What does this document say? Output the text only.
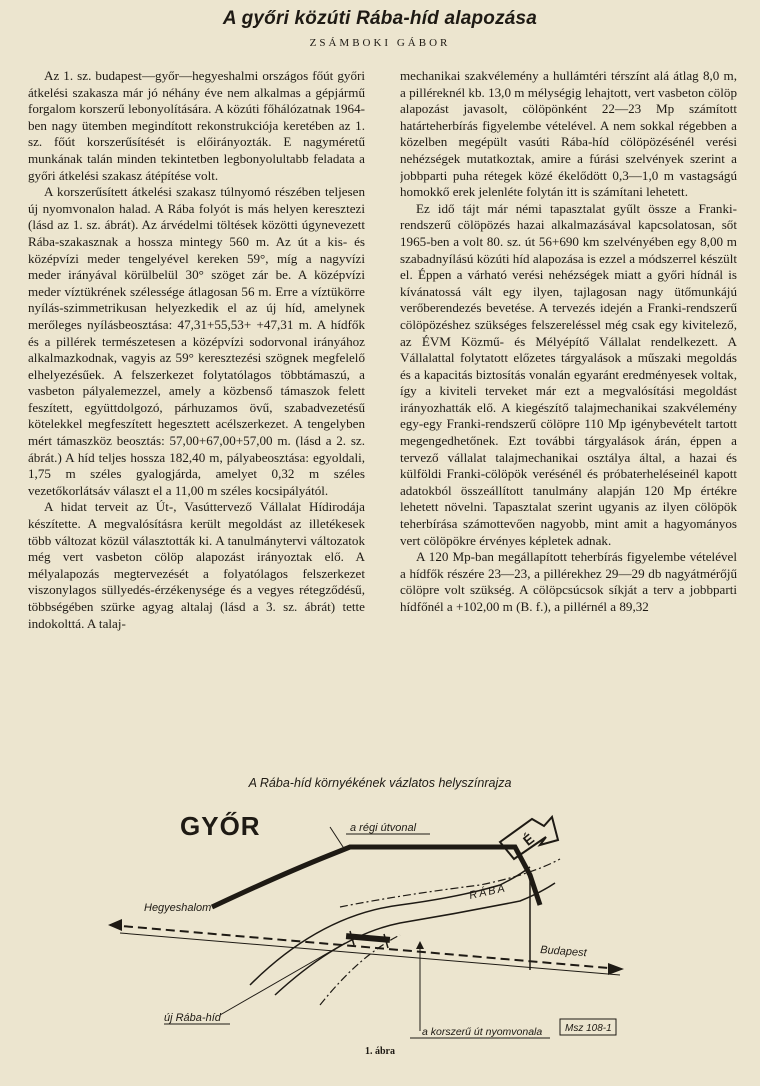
A győri közúti Rába-híd alapozása
ZSÁMBOKI GÁBOR

Az 1. sz. budapest—győr—hegyeshalmi országos főút győri átkelési szakasza már jó néhány éve nem alkalmas a gépjármű forgalom korszerű lebonyolítására. A közúti főhálózatnak 1964-ben nagy ütemben megindított rekonstrukciója keretében az 1. sz. főút korszerűsítését is előirányozták. E nagyméretű munkának talán minden tekintetben legbonyolultabb feladata a győri átkelési szakasz átépítése volt.

A korszerűsített átkelési szakasz túlnyomó részében teljesen új nyomvonalon halad. A Rába folyót is más helyen keresztezi (lásd az 1. sz. ábrát). Az árvédelmi töltések közötti úgynevezett Rába-szakasznak a hossza mintegy 560 m. Az út a kis- és középvízi meder tengelyével kereken 59°, míg a nagyvízi meder irányával körülbelül 30° szöget zár be. A középvízi meder víztükrének szélessége átlagosan 56 m. Erre a víztükörre nyílás-szimmetrikusan helyezkedik el az új híd, amelynek merőleges nyílásbeosztása: 47,31+55,53+ +47,31 m. A hídfők és a pillérek természetesen a középvízi sodorvonal irányához alkalmazkodnak, vagyis az 59° keresztezési szögnek megfelelő elhelyezésűek. A felszerkezet folytatólagos többtámaszú, a vasbeton pályalemezzel, amely a közbenső támaszok felett feszített, együttdolgozó, párhuzamos övű, szabadvezetésű kötelekkel megfeszített hegesztett acélszerkezet. A tengelyben mért támaszköz beosztás: 57,00+67,00+57,00 m. (lásd a 2. sz. ábrát.) A híd teljes hossza 182,40 m, pályabeosztása: egyoldali, 1,75 m széles gyalogjárda, amelyet 0,32 m széles vezetőkorlátsáv választ el a 11,00 m széles kocsipályától.

A hidat terveit az Út-, Vasúttervező Vállalat Hídirodája készítette. A megvalósításra került megoldást az illetékesek több változat közül választották ki. A tanulmánytervi változatok még vert vasbeton cölöp alapozást irányoztak elő. A mélyalapozás megtervezését a folyatólagos felszerkezet viszonylagos süllyedés-érzékenysége és a vegyes rétegződésű, többségében szürke agyag altalaj (lásd a 3. sz. ábrát) tette indokolttá. A talaj-

mechanikai szakvélemény a hullámtéri térszínt alá átlag 8,0 m, a pilléreknél kb. 13,0 m mélységig lehajtott, vert vasbeton cölöp alapozást javasolt, cölöpönként 22—23 Mp számított határteherbírás figyelembe vételével. A nem sokkal régebben a közelben megépült vasúti Rába-híd cölöpözésénél verési nehézségek mutatkoztak, amire a fúrási szelvények szerint a jobbparti puha rétegek közé ékelődött 0,3—1,0 m vastagságú homokkő erek jelenléte folytán itt is számítani lehetett.

Ez idő tájt már némi tapasztalat gyűlt össze a Franki-rendszerű cölöpözés hazai alkalmazásával kapcsolatosan, sőt 1965-ben a volt 80. sz. út 56+690 km szelvényében egy 8,00 m szabadnyílású közúti híd alapozása is ezzel a módszerrel készült el. Éppen a várható verési nehézségek miatt a győri hídnál is kívánatossá vált egy ilyen, tajlagosan nagy ütőmunkájú verőberendezés bevetése. A tervezés idején a Franki-rendszerű cölöpözéshez szükséges felszereléssel még csak egy kivitelező, az ÉVM Közmű- és Mélyépítő Vállalat rendelkezett. A Vállalattal folytatott előzetes tárgyalások a műszaki megoldás és a kapacitás biztosítás vonalán egyaránt eredményesek voltak, így a kiviteli terveket már ezt a megvalósítási megoldást irányozhatták elő. A kiegészítő talajmechanikai szakvélemény egy-egy Franki-rendszerű cölöpre 110 Mp igénybevételt tartott megengedhetőnek. Ezt további tárgyalások árán, éppen a tervező vállalat talajmechanikai osztálya által, a hazai és külföldi Franki-cölöpök verésénél és próbaterheléseinél kapott adatokból összeállított tanulmány alapján 120 Mp értékre lehetett növelni. Tapasztalat szerint ugyanis az ilyen cölöpök teherbírása számottevően nagyobb, mint amit a hagyományos vert cölöpökre érvényes képletek adnak.

A 120 Mp-ban megállapított teherbírás figyelembe vételével a hídfők részére 23—23, a pillérekhez 29—29 db nagyátmérőjű cölöpre volt szükség. A cölöpcsúcsok síkját a terv a jobbparti hídfőnél a +102,00 m (B. f.), a pillérnél a 89,32

A Rába-híd környékének vázlatos helyszínrajza
GYŐR	É
a régi útvonal
RÁBA
Hegyeshalom
Budapest
új Rába-híd
a korszerű út nyomvonala Msz 108-1
1. ábra
